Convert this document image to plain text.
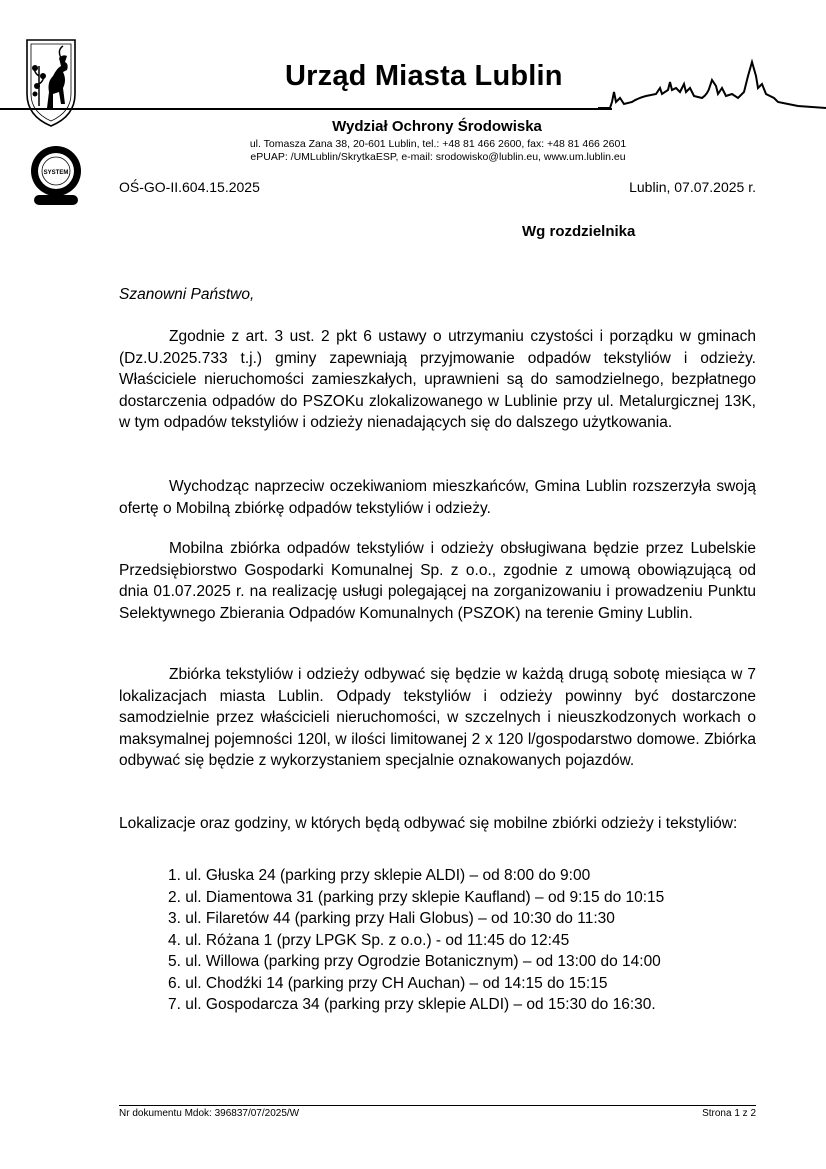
SYSTEM
Urząd Miasta Lublin
Wydział Ochrony Środowiska
ul. Tomasza Zana 38, 20-601 Lublin, tel.: +48 81 466 2600, fax: +48 81 466 2601
ePUAP: /UMLublin/SkrytkaESP, e-mail: srodowisko@lublin.eu, www.um.lublin.eu
OŚ-GO-II.604.15.2025	Lublin, 07.07.2025 r.
Wg rozdzielnika
Szanowni Państwo,

Zgodnie z art. 3 ust. 2 pkt 6 ustawy o utrzymaniu czystości i porządku w gminach (Dz.U.2025.733 t.j.) gminy zapewniają przyjmowanie odpadów tekstyliów i odzieży. Właściciele nieruchomości zamieszkałych, uprawnieni są do samodzielnego, bezpłatnego dostarczenia odpadów do PSZOKu zlokalizowanego w Lublinie przy ul. Metalurgicznej 13K, w tym odpadów tekstyliów i odzieży nienadających się do dalszego użytkowania.

Wychodząc naprzeciw oczekiwaniom mieszkańców, Gmina Lublin rozszerzyła swoją ofertę o Mobilną zbiórkę odpadów tekstyliów i odzieży.

Mobilna zbiórka odpadów tekstyliów i odzieży obsługiwana będzie przez Lubelskie Przedsiębiorstwo Gospodarki Komunalnej Sp. z o.o., zgodnie z umową obowiązującą od dnia 01.07.2025 r. na realizację usługi polegającej na zorganizowaniu i prowadzeniu Punktu Selektywnego Zbierania Odpadów Komunalnych (PSZOK) na terenie Gminy Lublin.

Zbiórka tekstyliów i odzieży odbywać się będzie w każdą drugą sobotę miesiąca w 7 lokalizacjach miasta Lublin. Odpady tekstyliów i odzieży powinny być dostarczone samodzielnie przez właścicieli nieruchomości, w szczelnych i nieuszkodzonych workach o maksymalnej pojemności 120l, w ilości limitowanej 2 x 120 l/gospodarstwo domowe. Zbiórka odbywać się będzie z wykorzystaniem specjalnie oznakowanych pojazdów.

Lokalizacje oraz godziny, w których będą odbywać się mobilne zbiórki odzieży i tekstyliów:

1. ul. Głuska 24 (parking przy sklepie ALDI) – od 8:00 do 9:00
2. ul. Diamentowa 31 (parking przy sklepie Kaufland) – od 9:15 do 10:15
3. ul. Filaretów 44 (parking przy Hali Globus) – od 10:30 do 11:30
4. ul. Różana 1 (przy LPGK Sp. z o.o.) - od 11:45 do 12:45
5. ul. Willowa (parking przy Ogrodzie Botanicznym) – od 13:00 do 14:00
6. ul. Chodźki 14 (parking przy CH Auchan) – od 14:15 do 15:15
7. ul. Gospodarcza 34 (parking przy sklepie ALDI) – od 15:30 do 16:30.
Nr dokumentu Mdok: 396837/07/2025/W	Strona 1 z 2
